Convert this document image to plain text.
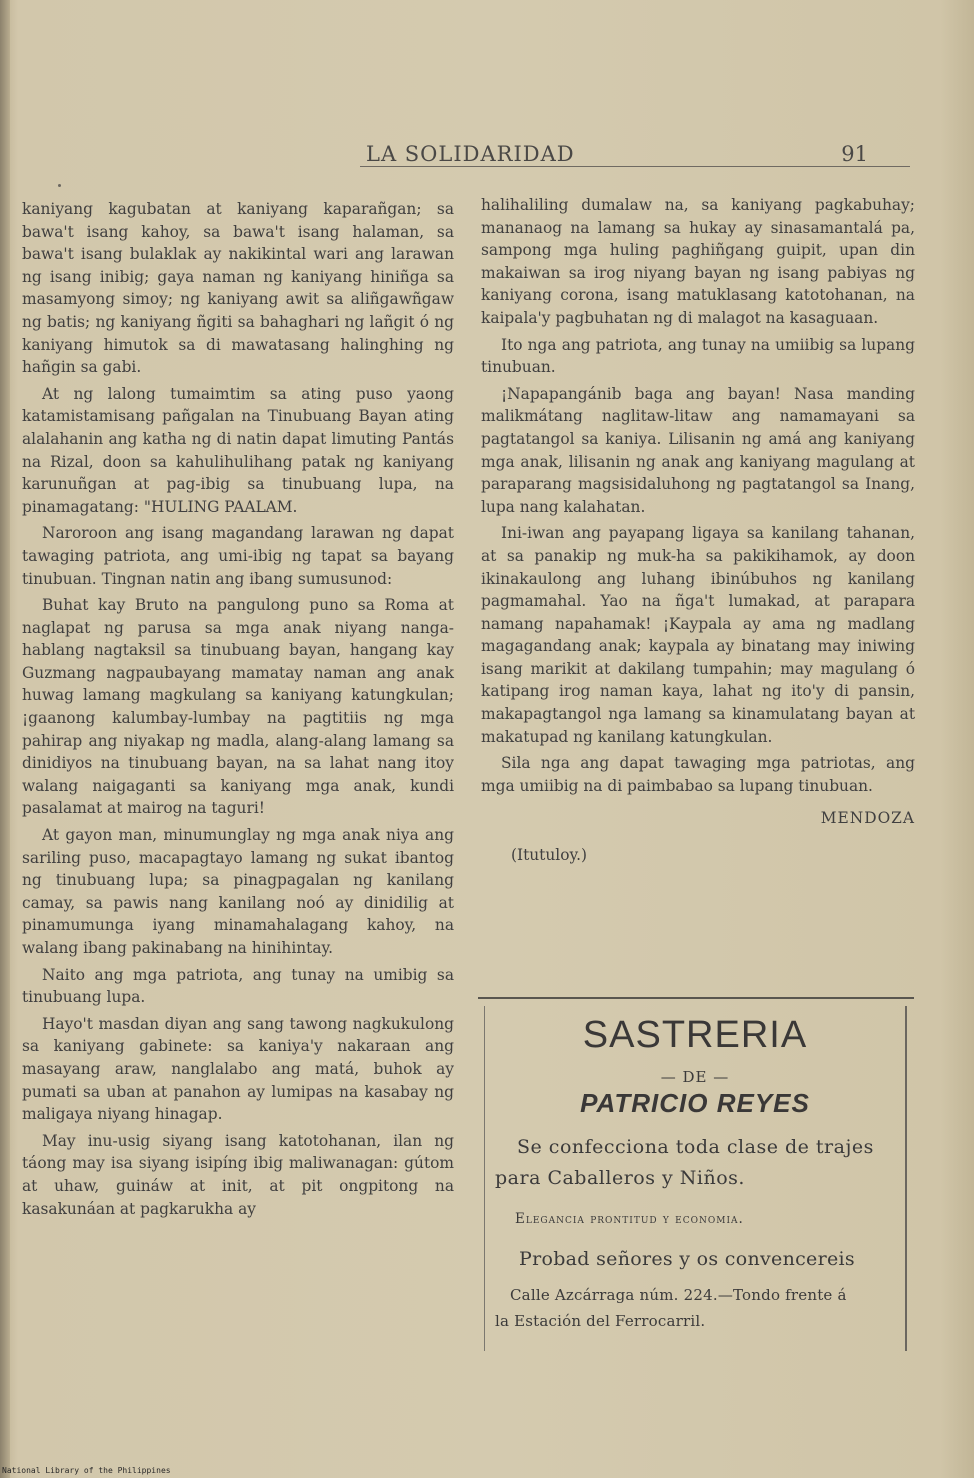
LA SOLIDARIDAD	91

kaniyang kagubatan at kaniyang kaparañgan; sa bawa't isang kahoy, sa bawa't isang halaman, sa bawa't isang bulaklak ay nakikintal wari ang larawan ng isang inibig; gaya naman ng kaniyang hiniñga sa masamyong simoy; ng kaniyang awit sa aliñgawñgaw ng batis; ng kaniyang ñgiti sa bahaghari ng lañgit ó ng kaniyang himutok sa di mawatasang halinghing ng hañgin sa gabi.

At ng lalong tumaimtim sa ating puso yaong katamistamisang pañgalan na Tinubuang Bayan ating alalahanin ang katha ng di natin dapat limuting Pantás na Rizal, doon sa kahulihulihang patak ng kaniyang karunuñgan at pag-ibig sa tinubuang lupa, na pinamagatang: "HULING PAALAM.

Naroroon ang isang magandang larawan ng dapat tawaging patriota, ang umi-ibig ng tapat sa bayang tinubuan. Tingnan natin ang ibang sumusunod:

Buhat kay Bruto na pangulong puno sa Roma at naglapat ng parusa sa mga anak niyang nanga-hablang nagtaksil sa tinubuang bayan, hangang kay Guzmang nagpaubayang mamatay naman ang anak huwag lamang magkulang sa kaniyang katungkulan; ¡gaanong kalumbay-lumbay na pagtitiis ng mga pahirap ang niyakap ng madla, alang-alang lamang sa dinidiyos na tinubuang bayan, na sa lahat nang itoy walang naigaganti sa kaniyang mga anak, kundi pasalamat at mairog na taguri!

At gayon man, minumunglay ng mga anak niya ang sariling puso, macapagtayo lamang ng sukat ibantog ng tinubuang lupa; sa pinagpagalan ng kanilang camay, sa pawis nang kanilang noó ay dinidilig at pinamumunga iyang minamahalagang kahoy, na walang ibang pakinabang na hinihintay.

Naito ang mga patriota, ang tunay na umibig sa tinubuang lupa.

Hayo't masdan diyan ang sang tawong nagkukulong sa kaniyang gabinete: sa kaniya'y nakaraan ang masayang araw, nanglalabo ang matá, buhok ay pumati sa uban at panahon ay lumipas na kasabay ng maligaya niyang hinagap.

May inu-usig siyang isang katotohanan, ilan ng táong may isa siyang isipíng ibig maliwanagan: gútom at uhaw, guináw at init, at pit ongpitong na kasakunáan at pagkarukha ay

halihaliling dumalaw na, sa kaniyang pagkabuhay; mananaog na lamang sa hukay ay sinasamantalá pa, sampong mga huling paghiñgang guipit, upan din makaiwan sa irog niyang bayan ng isang pabiyas ng kaniyang corona, isang matuklasang katotohanan, na kaipala'y pagbuhatan ng di malagot na kasaguaan.

Ito nga ang patriota, ang tunay na umiibig sa lupang tinubuan.

¡Napapangánib baga ang bayan! Nasa manding malikmátang naglitaw-litaw ang namamayani sa pagtatangol sa kaniya. Lilisanin ng amá ang kaniyang mga anak, lilisanin ng anak ang kaniyang magulang at paraparang magsisidaluhong ng pagtatangol sa Inang, lupa nang kalahatan.

Ini-iwan ang payapang ligaya sa kanilang tahanan, at sa panakip ng muk-ha sa pakikihamok, ay doon ikinakaulong ang luhang ibinúbuhos ng kanilang pagmamahal. Yao na ñga't lumakad, at parapara namang napahamak! ¡Kaypala ay ama ng madlang magagandang anak; kaypala ay binatang may iniwing isang marikit at dakilang tumpahin; may magulang ó katipang irog naman kaya, lahat ng ito'y di pansin, makapagtangol nga lamang sa kinamulatang bayan at makatupad ng kanilang katungkulan.

Sila nga ang dapat tawaging mga patriotas, ang mga umiibig na di paimbabao sa lupang tinubuan.

MENDOZA

(Itutuloy.)

SASTRERIA
— DE —
PATRICIO REYES
Se confecciona toda clase de trajes
para Caballeros y Niños.
Elegancia prontitud y economia.
Probad señores y os convencereis
Calle Azcárraga núm. 224.—Tondo frente á
la Estación del Ferrocarril.
National Library of the Philippines
